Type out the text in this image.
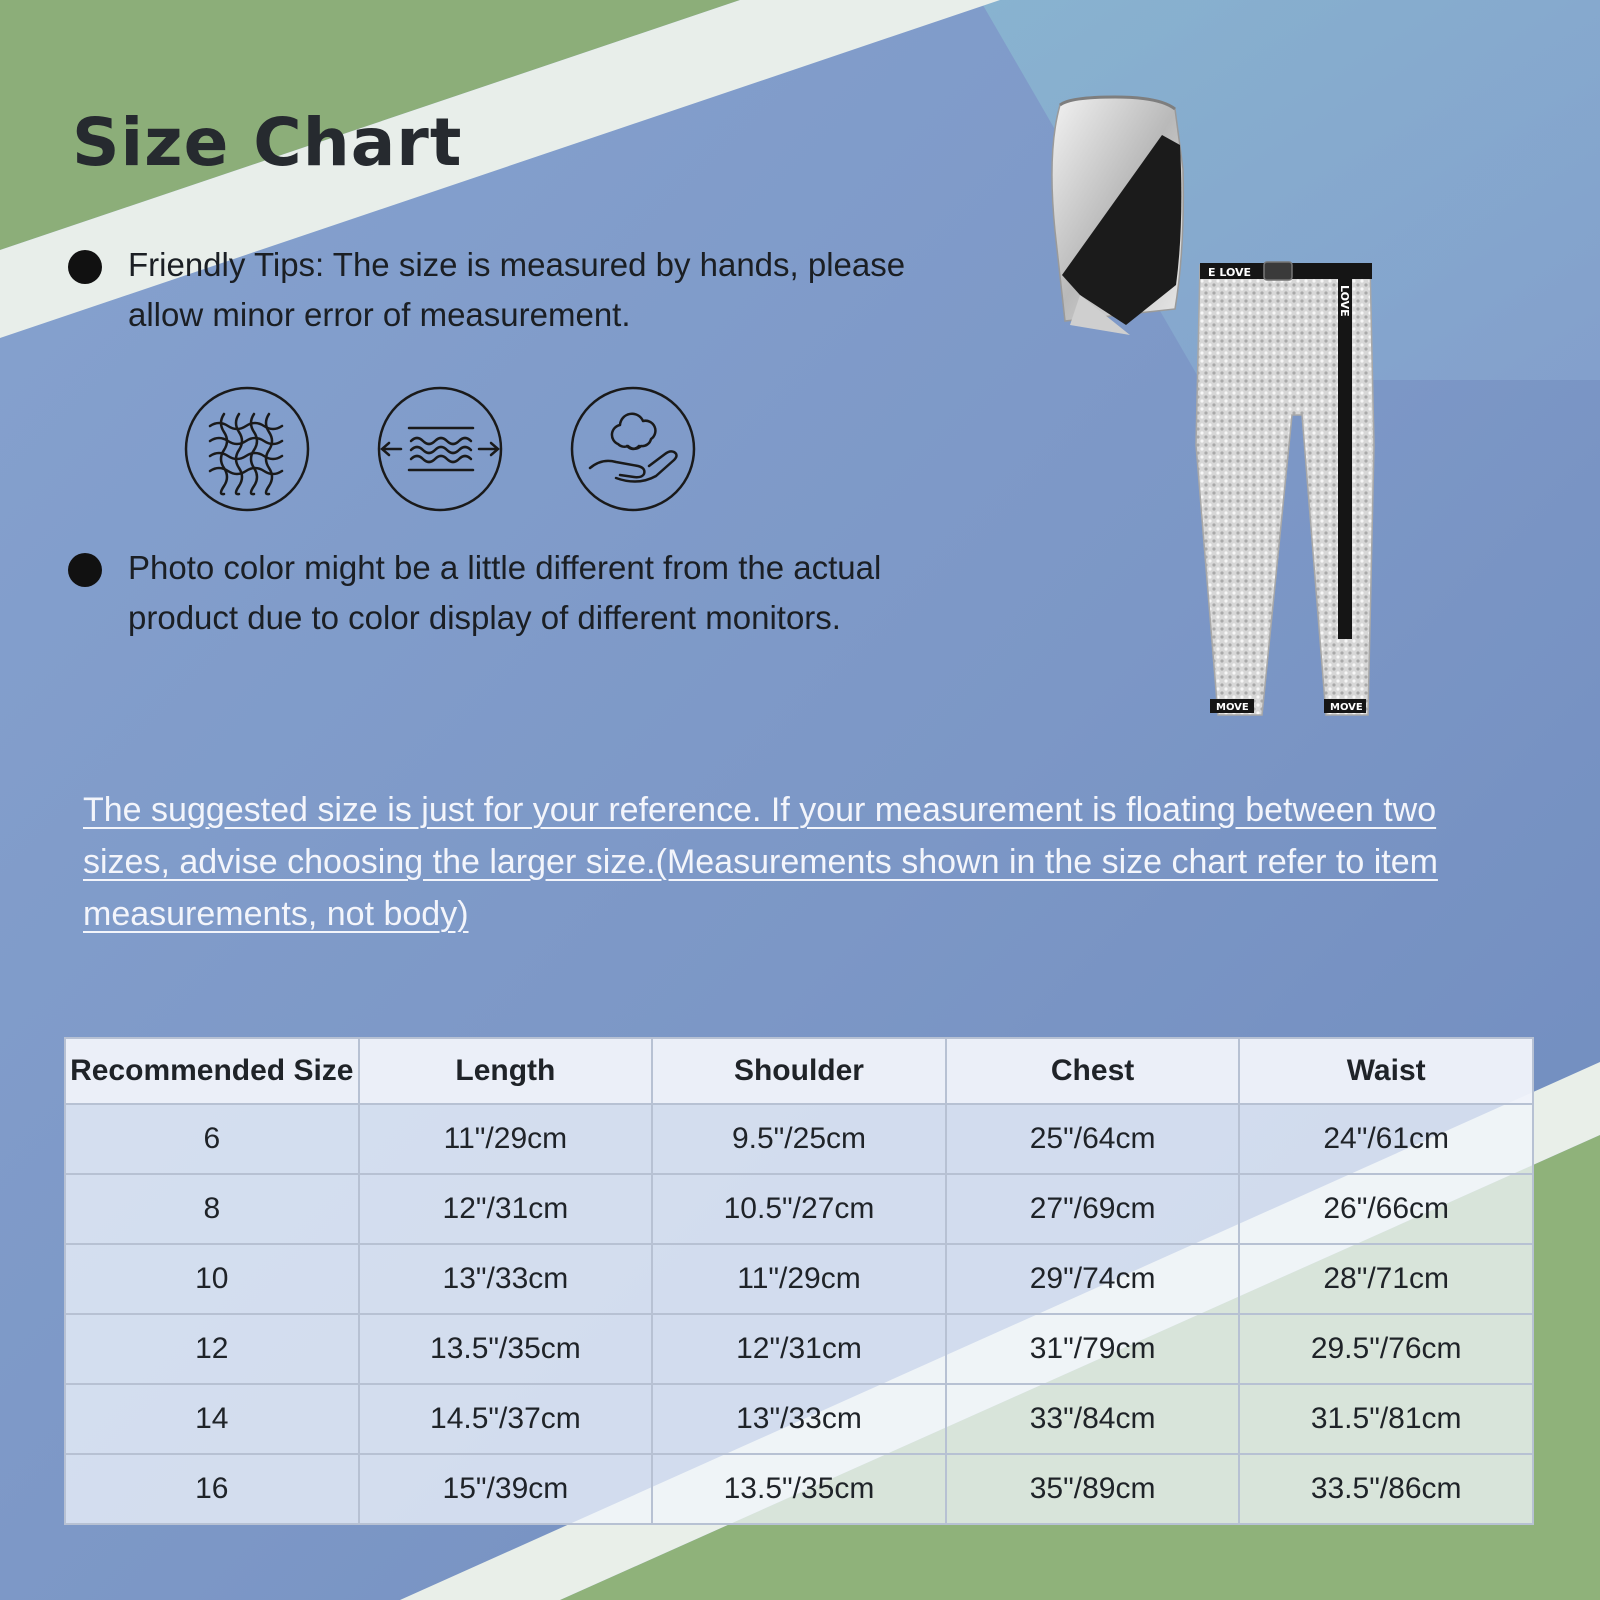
Size Chart
Friendly Tips: The size is measured by hands, please allow minor error of measurement.
Photo color might be a little different from the actual product due to color display of different monitors.
E LOVE
LOVE
MOVE	MOVE

The suggested size is just for your reference. If your measurement is floating between two sizes, advise choosing the larger size.(Measurements shown in the size chart refer to item measurements, not body)

Recommended Size	Length	Shoulder	Chest	Waist
6	11"/29cm	9.5"/25cm	25"/64cm	24"/61cm
8	12"/31cm	10.5"/27cm	27"/69cm	26"/66cm
10	13"/33cm	11"/29cm	29"/74cm	28"/71cm
12	13.5"/35cm	12"/31cm	31"/79cm	29.5"/76cm
14	14.5"/37cm	13"/33cm	33"/84cm	31.5"/81cm
16	15"/39cm	13.5"/35cm	35"/89cm	33.5"/86cm
